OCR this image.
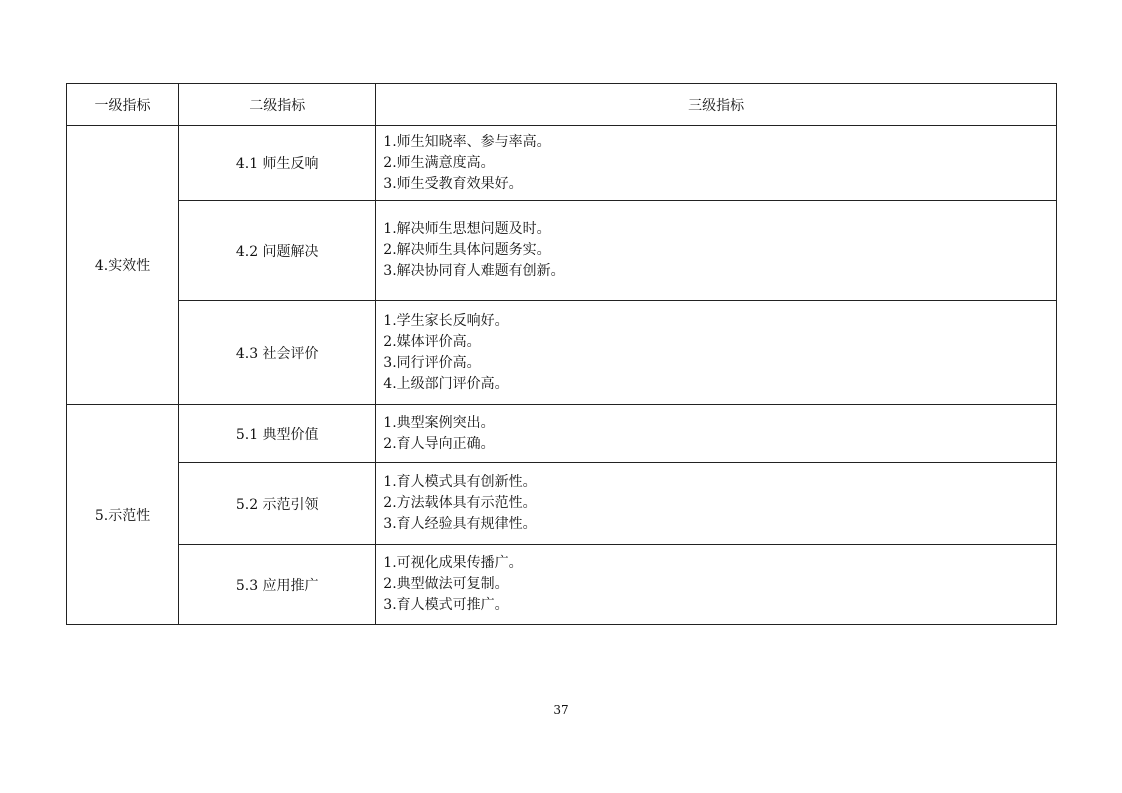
一级指标	二级指标	三级指标
4.实效性	4.1 师生反响	1.师生知晓率、参与率高。
2.师生满意度高。
3.师生受教育效果好。

	4.2 问题解决	1.解决师生思想问题及时。
2.解决师生具体问题务实。
3.解决协同育人难题有创新。

	4.3 社会评价	1.学生家长反响好。
2.媒体评价高。
3.同行评价高。
4.上级部门评价高。

5.示范性	5.1 典型价值	1.典型案例突出。
2.育人导向正确。

	5.2 示范引领	1.育人模式具有创新性。
2.方法载体具有示范性。
3.育人经验具有规律性。

	5.3 应用推广	1.可视化成果传播广。
2.典型做法可复制。
3.育人模式可推广。
37
